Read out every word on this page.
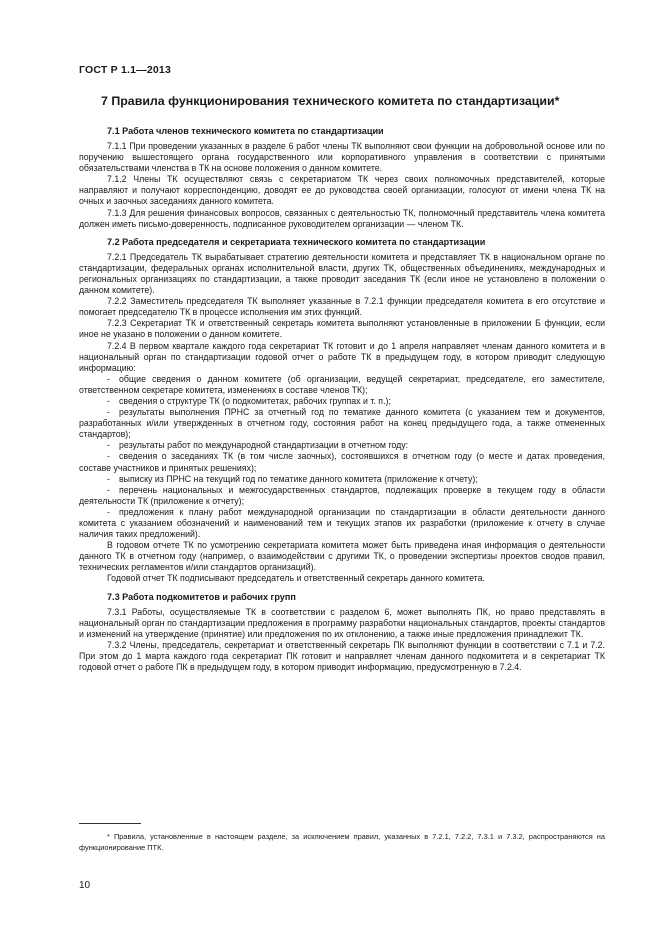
ГОСТ Р 1.1—2013
7 Правила функционирования технического комитета по стандартизации*
7.1 Работа членов технического комитета по стандартизации

7.1.1 При проведении указанных в разделе 6 работ члены ТК выполняют свои функции на добровольной основе или по поручению вышестоящего органа государственного или корпоративного управления в соответствии с принятыми обязательствами членства в ТК на основе положения о данном комитете.

7.1.2 Члены ТК осуществляют связь с секретариатом ТК через своих полномочных представителей, которые направляют и получают корреспонденцию, доводят ее до руководства своей организации, голосуют от имени члена ТК на очных и заочных заседаниях данного комитета.

7.1.3 Для решения финансовых вопросов, связанных с деятельностью ТК, полномочный представитель члена комитета должен иметь письмо-доверенность, подписанное руководителем организации — членом ТК.

7.2 Работа председателя и секретариата технического комитета по стандартизации

7.2.1 Председатель ТК вырабатывает стратегию деятельности комитета и представляет ТК в национальном органе по стандартизации, федеральных органах исполнительной власти, других ТК, общественных объединениях, международных и региональных организациях по стандартизации, а также проводит заседания ТК (если иное не установлено в положении о данном комитете).

7.2.2 Заместитель председателя ТК выполняет указанные в 7.2.1 функции председателя комитета в его отсутствие и помогает председателю ТК в процессе исполнения им этих функций.

7.2.3 Секретариат ТК и ответственный секретарь комитета выполняют установленные в приложении Б функции, если иное не указано в положении о данном комитете.

7.2.4 В первом квартале каждого года секретариат ТК готовит и до 1 апреля направляет членам данного комитета и в национальный орган по стандартизации годовой отчет о работе ТК в предыдущем году, в котором приводит следующую информацию:

- общие сведения о данном комитете (об организации, ведущей секретариат, председателе, его заместителе, ответственном секретаре комитета, изменениях в составе членов ТК);

- сведения о структуре ТК (о подкомитетах, рабочих группах и т. п.);

- результаты выполнения ПРНС за отчетный год по тематике данного комитета (с указанием тем и документов, разработанных и/или утвержденных в отчетном году, состояния работ на конец предыдущего года, а также отмененных стандартов);

- результаты работ по международной стандартизации в отчетном году:

- сведения о заседаниях ТК (в том числе заочных), состоявшихся в отчетном году (о месте и датах проведения, составе участников и принятых решениях);

- выписку из ПРНС на текущий год по тематике данного комитета (приложение к отчету);

- перечень национальных и межгосударственных стандартов, подлежащих проверке в текущем году в области деятельности ТК (приложение к отчету);

- предложения к плану работ международной организации по стандартизации в области деятельности данного комитета с указанием обозначений и наименований тем и текущих этапов их разработки (приложение к отчету в случае наличия таких предложений).

В годовом отчете ТК по усмотрению секретариата комитета может быть приведена иная информация о деятельности данного ТК в отчетном году (например, о взаимодействии с другими ТК, о проведении экспертизы проектов сводов правил, технических регламентов и/или стандартов организаций).

Годовой отчет ТК подписывают председатель и ответственный секретарь данного комитета.

7.3 Работа подкомитетов и рабочих групп

7.3.1 Работы, осуществляемые ТК в соответствии с разделом 6, может выполнять ПК, но право представлять в национальный орган по стандартизации предложения в программу разработки национальных стандартов, проекты стандартов и изменений на утверждение (принятие) или предложения по их отклонению, а также иные предложения принадлежит ТК.

7.3.2 Члены, председатель, секретариат и ответственный секретарь ПК выполняют функции в соответствии с 7.1 и 7.2. При этом до 1 марта каждого года секретариат ПК готовит и направляет членам данного подкомитета и в секретариат ТК годовой отчет о работе ПК в предыдущем году, в котором приводит информацию, предусмотренную в 7.2.4.

* Правила, установленные в настоящем разделе, за исключением правил, указанных в 7.2.1, 7.2.2, 7.3.1 и 7.3.2, распространяются на функционирование ПТК.
10
